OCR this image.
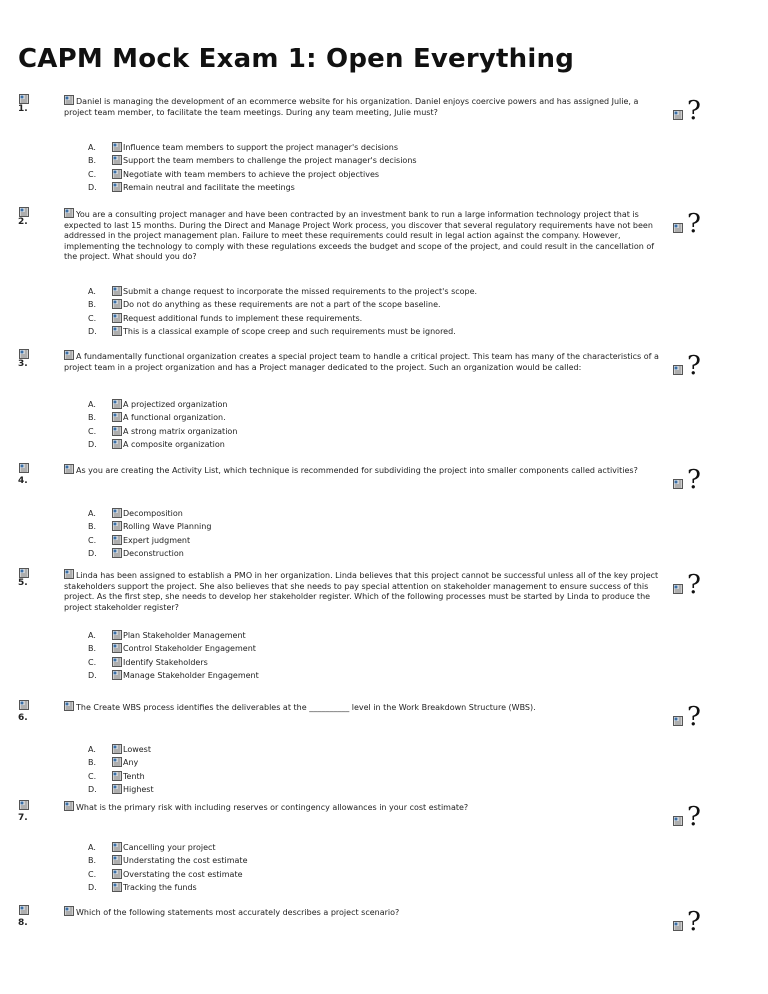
CAPM Mock Exam 1: Open Everything
1.
Daniel is managing the development of an ecommerce website for his organization. Daniel enjoys coercive powers and has assigned Julie, a project team member, to facilitate the team meetings. During any team meeting, Julie must?	?
A.	Influence team members to support the project manager's decisions
B.	Support the team members to challenge the project manager's decisions
C.	Negotiate with team members to achieve the project objectives
D.	Remain neutral and facilitate the meetings
2.
You are a consulting project manager and have been contracted by an investment bank to run a large information technology project that is expected to last 15 months. During the Direct and Manage Project Work process, you discover that several regulatory requirements have not been addressed in the project management plan. Failure to meet these requirements could result in legal action against the company. However, implementing the technology to comply with these regulations exceeds the budget and scope of the project, and could result in the cancellation of the project. What should you do?
?
A.	Submit a change request to incorporate the missed requirements to the project's scope.
B.	Do not do anything as these requirements are not a part of the scope baseline.
C.	Request additional funds to implement these requirements.
D.	This is a classical example of scope creep and such requirements must be ignored.
3.
A fundamentally functional organization creates a special project team to handle a critical project. This team has many of the characteristics of a project team in a project organization and has a Project manager dedicated to the project. Such an organization would be called:	?
A.	A projectized organization
B.	A functional organization.
C.	A strong matrix organization
D.	A composite organization
4.
As you are creating the Activity List, which technique is recommended for subdividing the project into smaller components called activities?	?
A.	Decomposition
B.	Rolling Wave Planning
C.	Expert judgment
D.	Deconstruction
5.
Linda has been assigned to establish a PMO in her organization. Linda believes that this project cannot be successful unless all of the key project stakeholders support the project. She also believes that she needs to pay special attention on stakeholder management to ensure success of this project. As the first step, she needs to develop her stakeholder register. Which of the following processes must be started by Linda to produce the project stakeholder register?
?
A.	Plan Stakeholder Management
B.	Control Stakeholder Engagement
C.	Identify Stakeholders
D.	Manage Stakeholder Engagement
6.
The Create WBS process identifies the deliverables at the __________ level in the Work Breakdown Structure (WBS).	?
A.	Lowest
B.	Any
C.	Tenth
D.	Highest
7.
What is the primary risk with including reserves or contingency allowances in your cost estimate?	?
A.	Cancelling your project
B.	Understating the cost estimate
C.	Overstating the cost estimate
D.	Tracking the funds
8.
Which of the following statements most accurately describes a project scenario?	?
